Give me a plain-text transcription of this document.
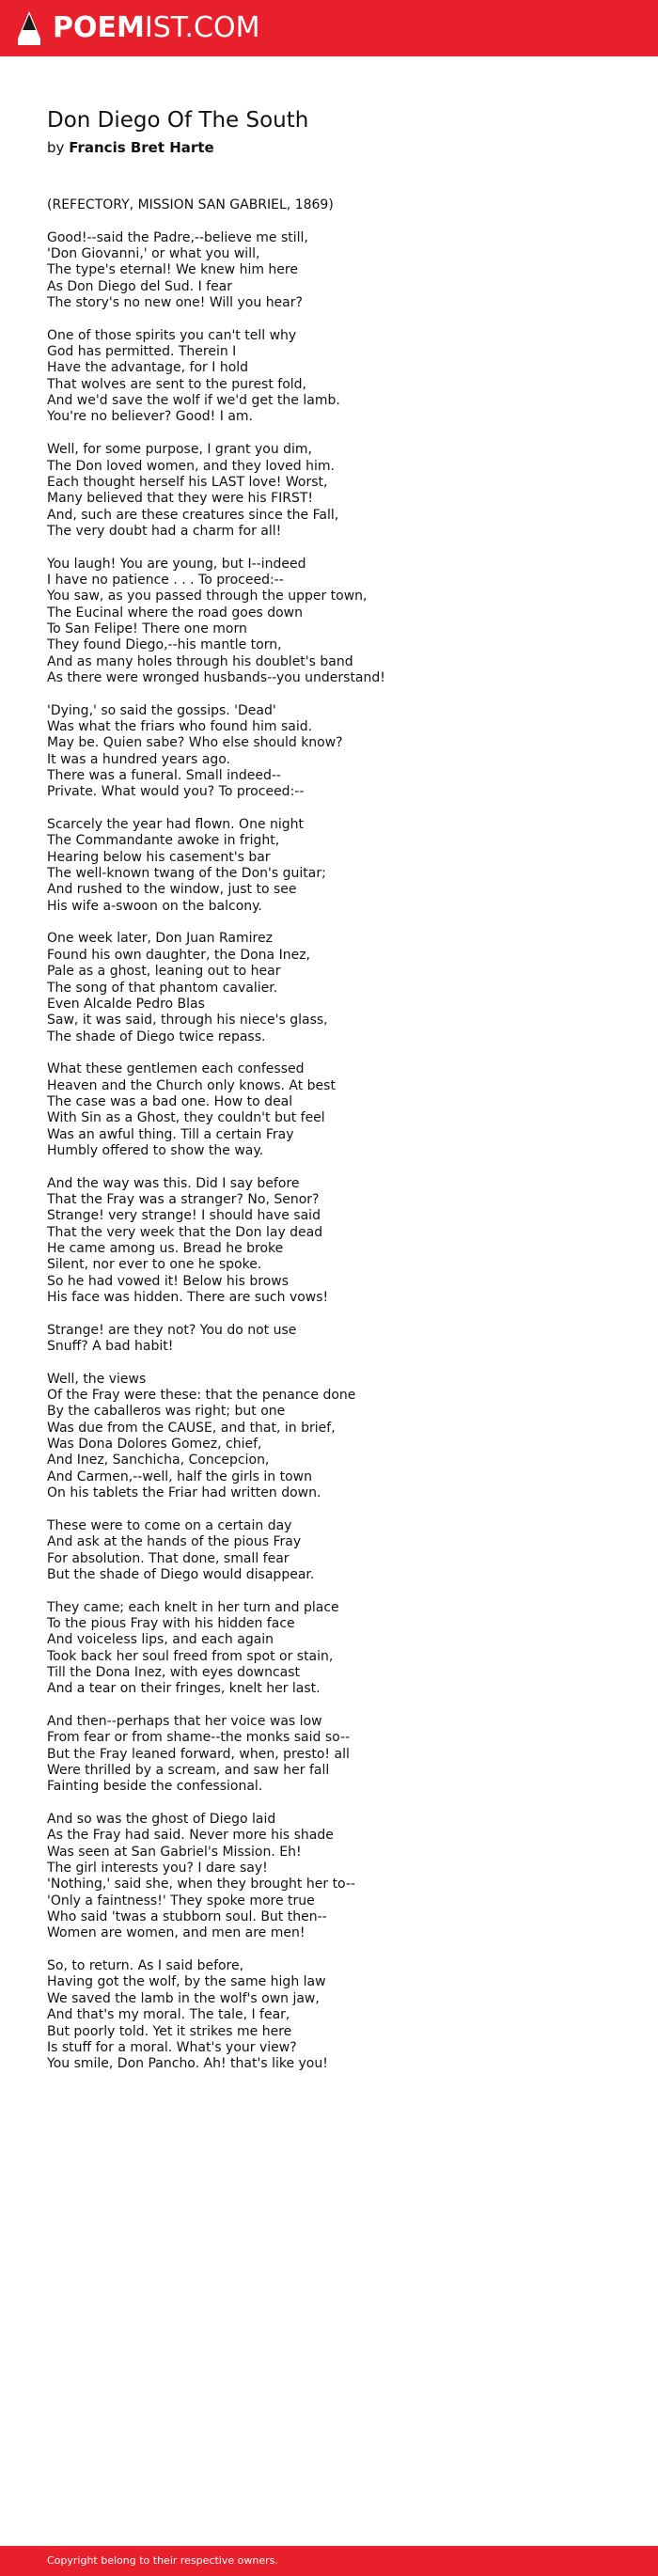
POEMIST.COM
Don Diego Of The South
by Francis Bret Harte
(REFECTORY, MISSION SAN GABRIEL, 1869)
Good!--said the Padre,--believe me still,
'Don Giovanni,' or what you will,
The type's eternal! We knew him here
As Don Diego del Sud. I fear
The story's no new one! Will you hear?
One of those spirits you can't tell why
God has permitted. Therein I
Have the advantage, for I hold
That wolves are sent to the purest fold,
And we'd save the wolf if we'd get the lamb.
You're no believer? Good! I am.
Well, for some purpose, I grant you dim,
The Don loved women, and they loved him.
Each thought herself his LAST love! Worst,
Many believed that they were his FIRST!
And, such are these creatures since the Fall,
The very doubt had a charm for all!
You laugh! You are young, but I--indeed
I have no patience . . . To proceed:--
You saw, as you passed through the upper town,
The Eucinal where the road goes down
To San Felipe! There one morn
They found Diego,--his mantle torn,
And as many holes through his doublet's band
As there were wronged husbands--you understand!
'Dying,' so said the gossips. 'Dead'
Was what the friars who found him said.
May be. Quien sabe? Who else should know?
It was a hundred years ago.
There was a funeral. Small indeed--
Private. What would you? To proceed:--
Scarcely the year had flown. One night
The Commandante awoke in fright,
Hearing below his casement's bar
The well-known twang of the Don's guitar;
And rushed to the window, just to see
His wife a-swoon on the balcony.
One week later, Don Juan Ramirez
Found his own daughter, the Dona Inez,
Pale as a ghost, leaning out to hear
The song of that phantom cavalier.
Even Alcalde Pedro Blas
Saw, it was said, through his niece's glass,
The shade of Diego twice repass.
What these gentlemen each confessed
Heaven and the Church only knows. At best
The case was a bad one. How to deal
With Sin as a Ghost, they couldn't but feel
Was an awful thing. Till a certain Fray
Humbly offered to show the way.
And the way was this. Did I say before
That the Fray was a stranger? No, Senor?
Strange! very strange! I should have said
That the very week that the Don lay dead
He came among us. Bread he broke
Silent, nor ever to one he spoke.
So he had vowed it! Below his brows
His face was hidden. There are such vows!
Strange! are they not? You do not use
Snuff? A bad habit!
Well, the views
Of the Fray were these: that the penance done
By the caballeros was right; but one
Was due from the CAUSE, and that, in brief,
Was Dona Dolores Gomez, chief,
And Inez, Sanchicha, Concepcion,
And Carmen,--well, half the girls in town
On his tablets the Friar had written down.
These were to come on a certain day
And ask at the hands of the pious Fray
For absolution. That done, small fear
But the shade of Diego would disappear.
They came; each knelt in her turn and place
To the pious Fray with his hidden face
And voiceless lips, and each again
Took back her soul freed from spot or stain,
Till the Dona Inez, with eyes downcast
And a tear on their fringes, knelt her last.
And then--perhaps that her voice was low
From fear or from shame--the monks said so--
But the Fray leaned forward, when, presto! all
Were thrilled by a scream, and saw her fall
Fainting beside the confessional.
And so was the ghost of Diego laid
As the Fray had said. Never more his shade
Was seen at San Gabriel's Mission. Eh!
The girl interests you? I dare say!
'Nothing,' said she, when they brought her to--
'Only a faintness!' They spoke more true
Who said 'twas a stubborn soul. But then--
Women are women, and men are men!
So, to return. As I said before,
Having got the wolf, by the same high law
We saved the lamb in the wolf's own jaw,
And that's my moral. The tale, I fear,
But poorly told. Yet it strikes me here
Is stuff for a moral. What's your view?
You smile, Don Pancho. Ah! that's like you!
Copyright belong to their respective owners.
